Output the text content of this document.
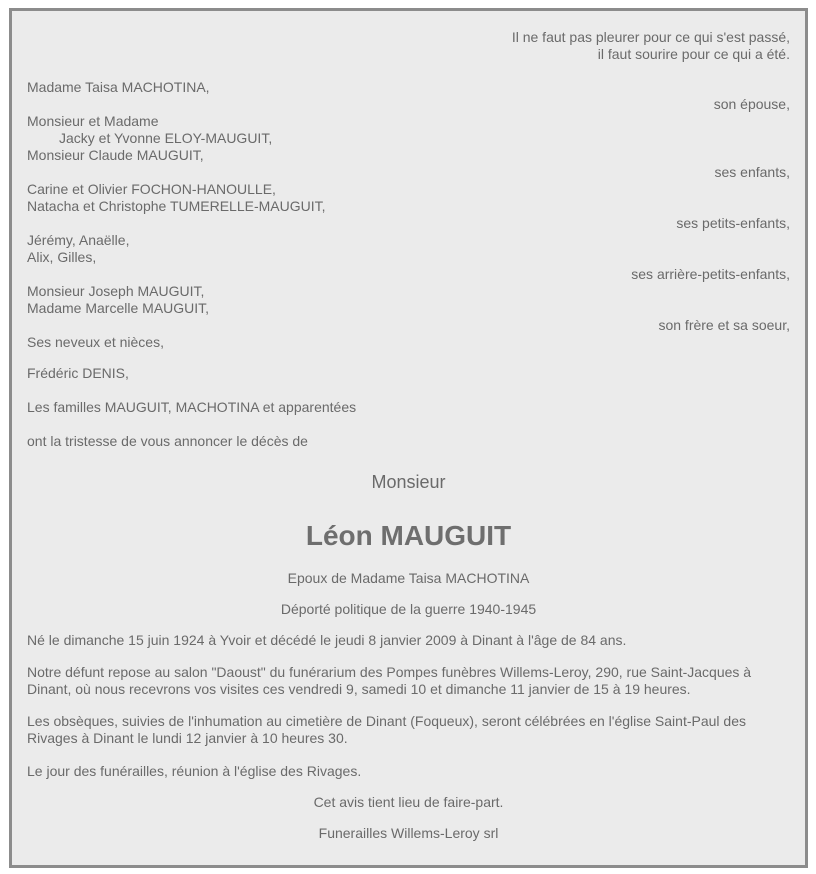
Il ne faut pas pleurer pour ce qui s'est passé,
il faut sourire pour ce qui a été.
Madame Taisa MACHOTINA,
son épouse,
Monsieur et Madame
Jacky et Yvonne ELOY-MAUGUIT,
Monsieur Claude MAUGUIT,
ses enfants,
Carine et Olivier FOCHON-HANOULLE,
Natacha et Christophe TUMERELLE-MAUGUIT,
ses petits-enfants,
Jérémy, Anaëlle,
Alix, Gilles,
ses arrière-petits-enfants,
Monsieur Joseph MAUGUIT,
Madame Marcelle MAUGUIT,
son frère et sa soeur,
Ses neveux et nièces,
Frédéric DENIS,
Les familles MAUGUIT, MACHOTINA et apparentées
ont la tristesse de vous annoncer le décès de
Monsieur
Léon MAUGUIT
Epoux de Madame Taisa MACHOTINA
Déporté politique de la guerre 1940-1945
Né le dimanche 15 juin 1924 à Yvoir et décédé le jeudi 8 janvier 2009 à Dinant à l'âge de 84 ans.
Notre défunt repose au salon "Daoust" du funérarium des Pompes funèbres Willems-Leroy, 290, rue Saint-Jacques à Dinant, où nous recevrons vos visites ces vendredi 9, samedi 10 et dimanche 11 janvier de 15 à 19 heures.
Les obsèques, suivies de l'inhumation au cimetière de Dinant (Foqueux), seront célébrées en l'église Saint-Paul des Rivages à Dinant le lundi 12 janvier à 10 heures 30.
Le jour des funérailles, réunion à l'église des Rivages.
Cet avis tient lieu de faire-part.
Funerailles Willems-Leroy srl
